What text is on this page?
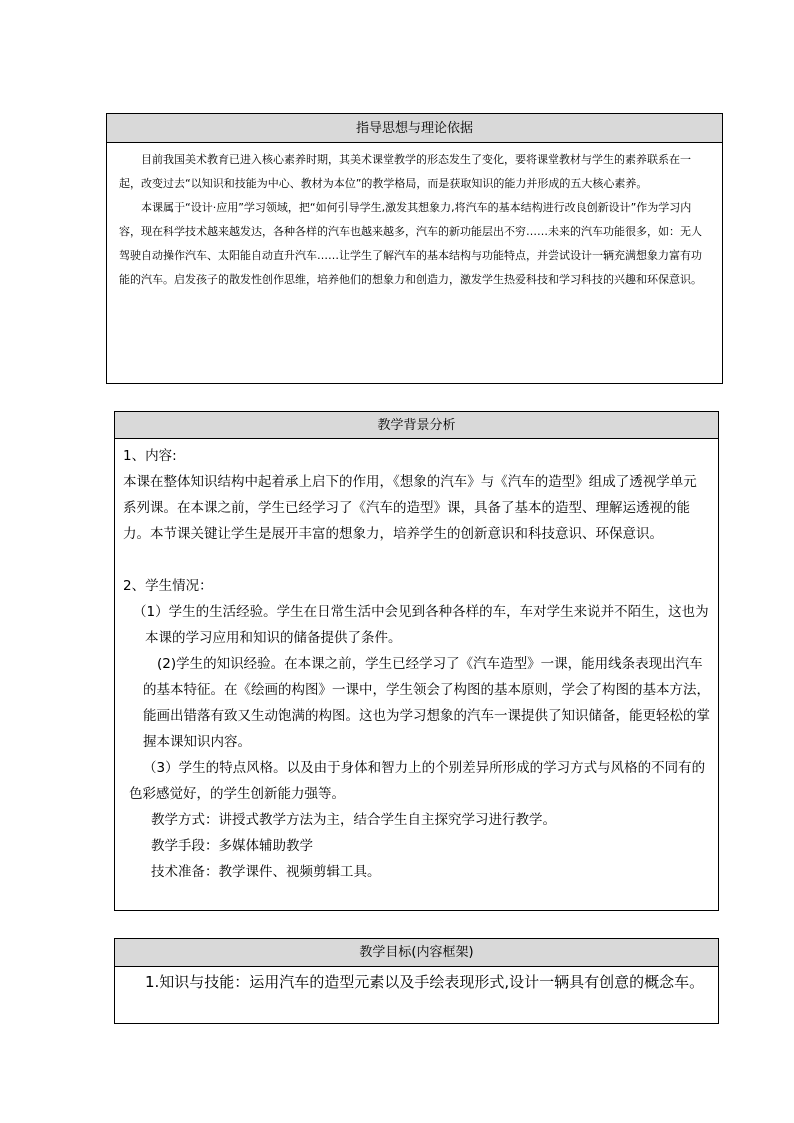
指导思想与理论依据

目前我国美术教育已进入核心素养时期，其美术课堂教学的形态发生了变化，要将课堂教材与学生的素养联系在一起，改变过去“以知识和技能为中心、教材为本位”的教学格局，而是获取知识的能力并形成的五大核心素养。

本课属于“设计·应用”学习领域，把“如何引导学生,激发其想象力,将汽车的基本结构进行改良创新设计”作为学习内容，现在科学技术越来越发达，各种各样的汽车也越来越多，汽车的新功能层出不穷……未来的汽车功能很多，如：无人驾驶自动操作汽车、太阳能自动直升汽车……让学生了解汽车的基本结构与功能特点，并尝试设计一辆充满想象力富有功能的汽车。启发孩子的散发性创作思维，培养他们的想象力和创造力，激发学生热爱科技和学习科技的兴趣和环保意识。

教学背景分析

1、内容:

本课在整体知识结构中起着承上启下的作用，《想象的汽车》与《汽车的造型》组成了透视学单元系列课。在本课之前，学生已经学习了《汽车的造型》课，具备了基本的造型、理解运透视的能力。本节课关键让学生是展开丰富的想象力，培养学生的创新意识和科技意识、环保意识。

2、学生情况：

（1）学生的生活经验。学生在日常生活中会见到各种各样的车，车对学生来说并不陌生，这也为本课的学习应用和知识的储备提供了条件。

(2)学生的知识经验。在本课之前，学生已经学习了《汽车造型》一课，能用线条表现出汽车的基本特征。在《绘画的构图》一课中，学生领会了构图的基本原则，学会了构图的基本方法，能画出错落有致又生动饱满的构图。这也为学习想象的汽车一课提供了知识储备，能更轻松的掌握本课知识内容。

（3）学生的特点风格。以及由于身体和智力上的个别差异所形成的学习方式与风格的不同有的色彩感觉好，的学生创新能力强等。

教学方式：讲授式教学方法为主，结合学生自主探究学习进行教学。

教学手段：多媒体辅助教学

技术准备：教学课件、视频剪辑工具。

教学目标(内容框架)

1.知识与技能：运用汽车的造型元素以及手绘表现形式,设计一辆具有创意的概念车。
